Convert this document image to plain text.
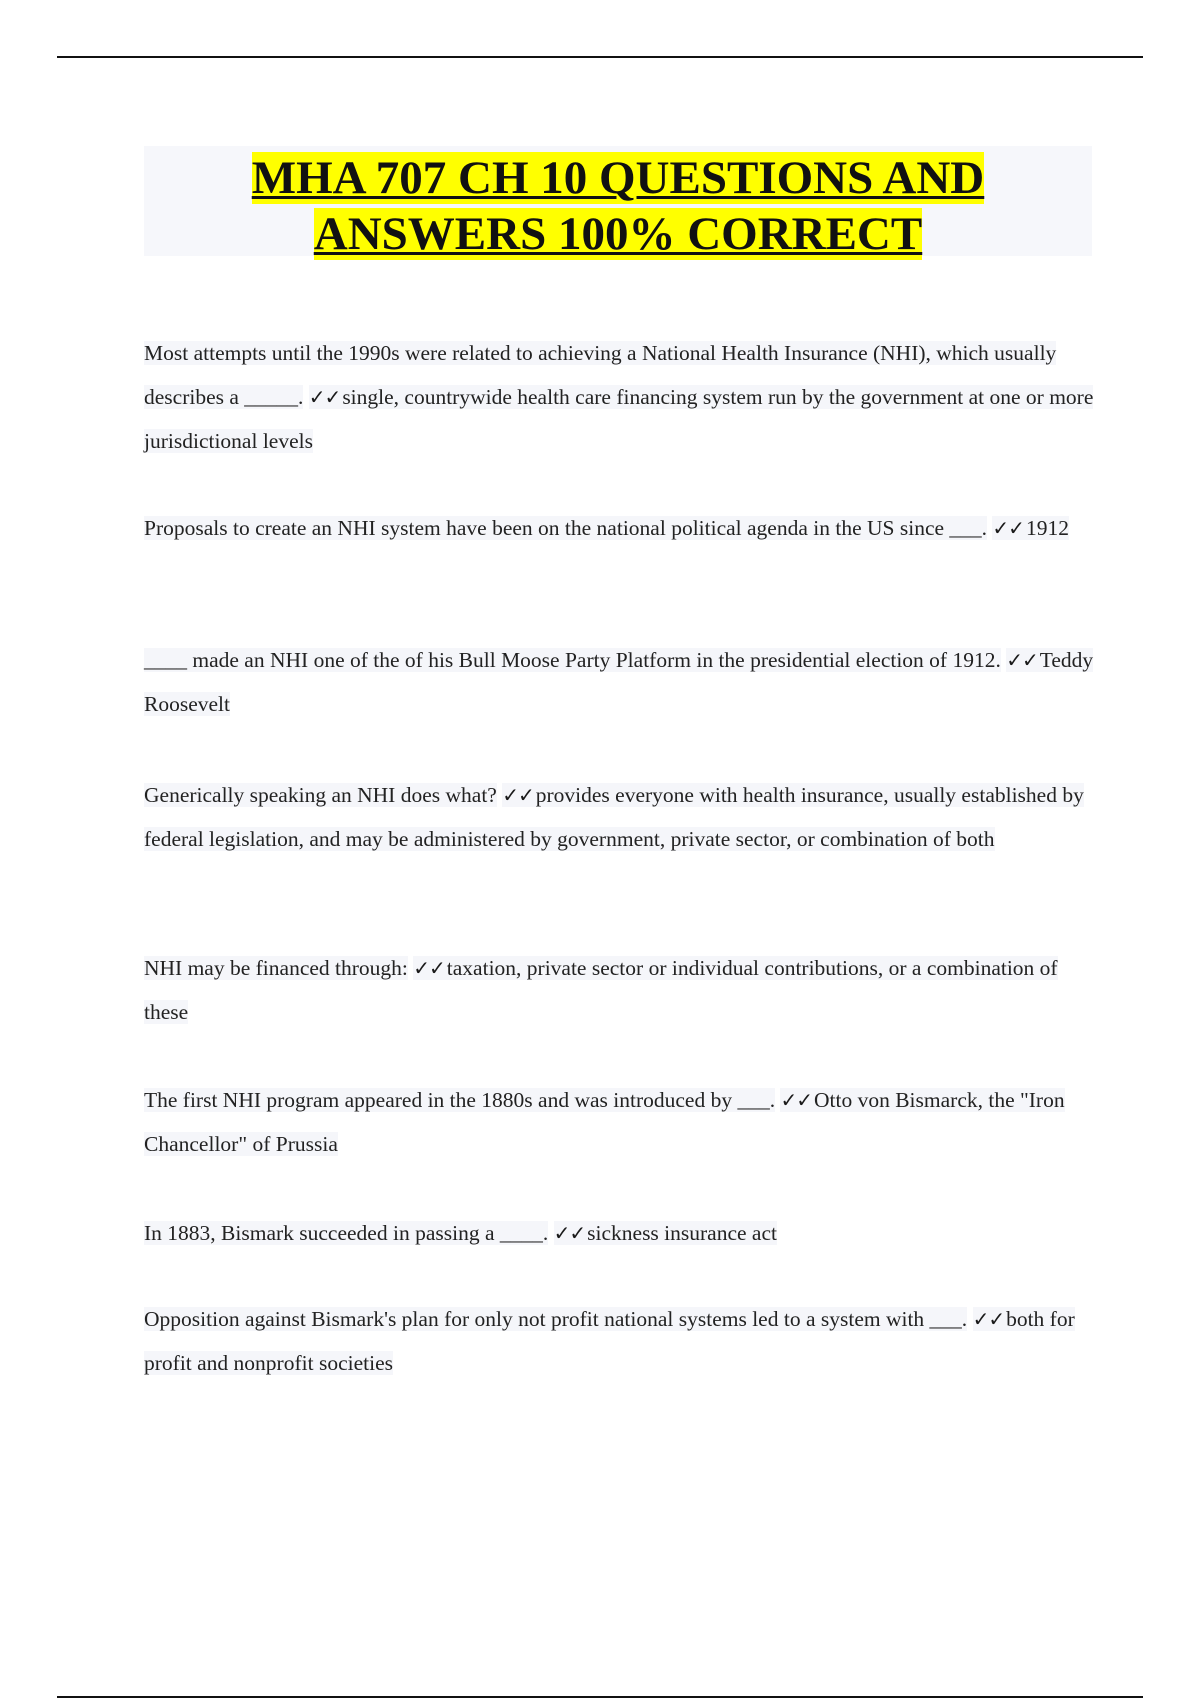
MHA 707 CH 10 QUESTIONS AND
ANSWERS 100% CORRECT

Most attempts until the 1990s were related to achieving a National Health Insurance (NHI), which usually describes a _____. ✓✓single, countrywide health care financing system run by the government at one or more jurisdictional levels

Proposals to create an NHI system have been on the national political agenda in the US since ___. ✓✓1912

____ made an NHI one of the of his Bull Moose Party Platform in the presidential election of 1912. ✓✓Teddy Roosevelt

Generically speaking an NHI does what? ✓✓provides everyone with health insurance, usually established by federal legislation, and may be administered by government, private sector, or combination of both

NHI may be financed through: ✓✓taxation, private sector or individual contributions, or a combination of these

The first NHI program appeared in the 1880s and was introduced by ___. ✓✓Otto von Bismarck, the "Iron Chancellor" of Prussia

In 1883, Bismark succeeded in passing a ____. ✓✓sickness insurance act

Opposition against Bismark's plan for only not profit national systems led to a system with ___. ✓✓both for profit and nonprofit societies
